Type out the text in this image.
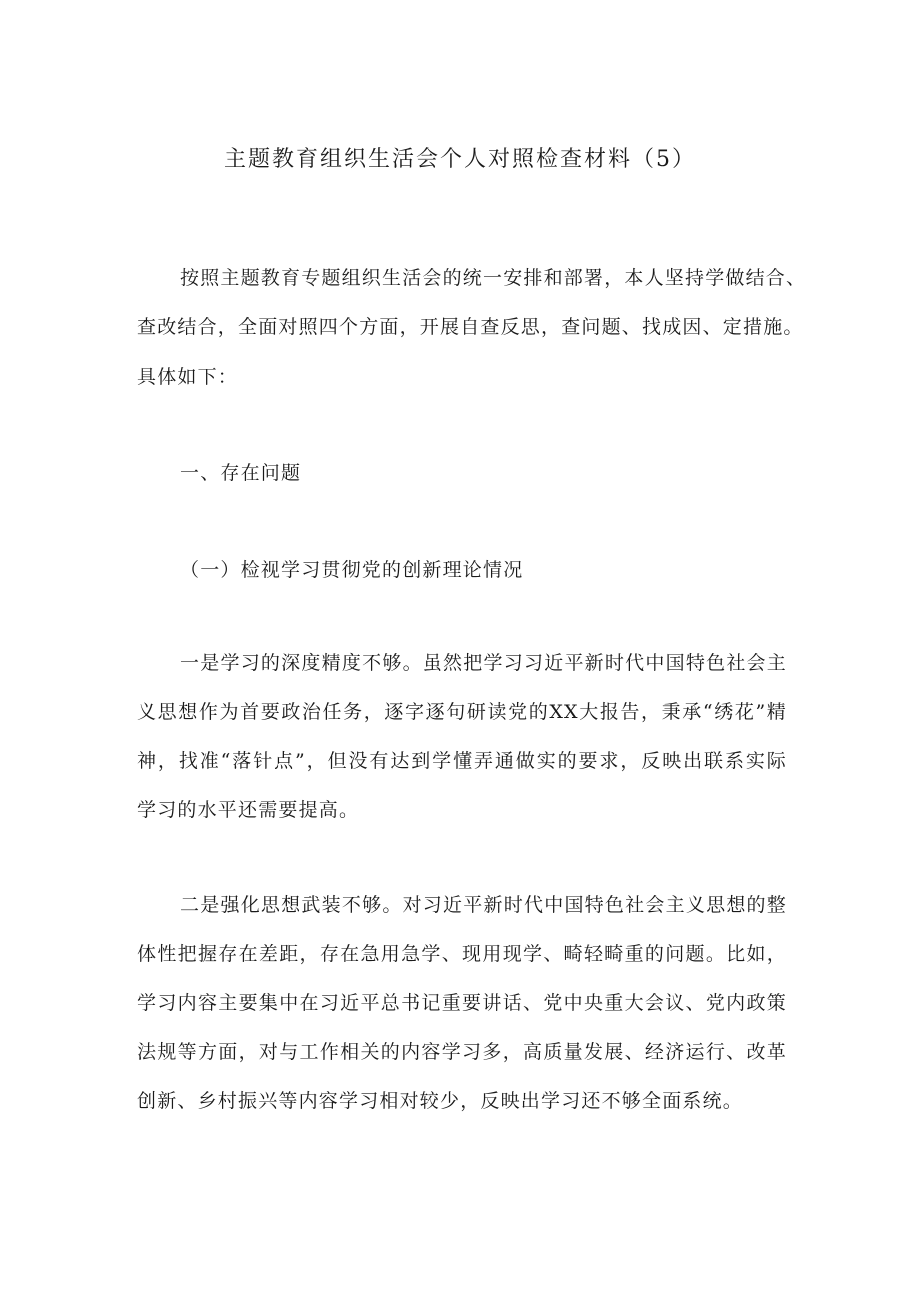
主题教育组织生活会个人对照检查材料（5）
按照主题教育专题组织生活会的统一安排和部署，本人坚持学做结合、
查改结合，全面对照四个方面，开展自查反思，查问题、找成因、定措施。
具体如下：
一、存在问题
（一）检视学习贯彻党的创新理论情况
一是学习的深度精度不够。虽然把学习习近平新时代中国特色社会主
义思想作为首要政治任务，逐字逐句研读党的XX大报告，秉承“绣花”精
神，找准“落针点”，但没有达到学懂弄通做实的要求，反映出联系实际
学习的水平还需要提高。
二是强化思想武装不够。对习近平新时代中国特色社会主义思想的整
体性把握存在差距，存在急用急学、现用现学、畸轻畸重的问题。比如，
学习内容主要集中在习近平总书记重要讲话、党中央重大会议、党内政策
法规等方面，对与工作相关的内容学习多，高质量发展、经济运行、改革
创新、乡村振兴等内容学习相对较少，反映出学习还不够全面系统。
